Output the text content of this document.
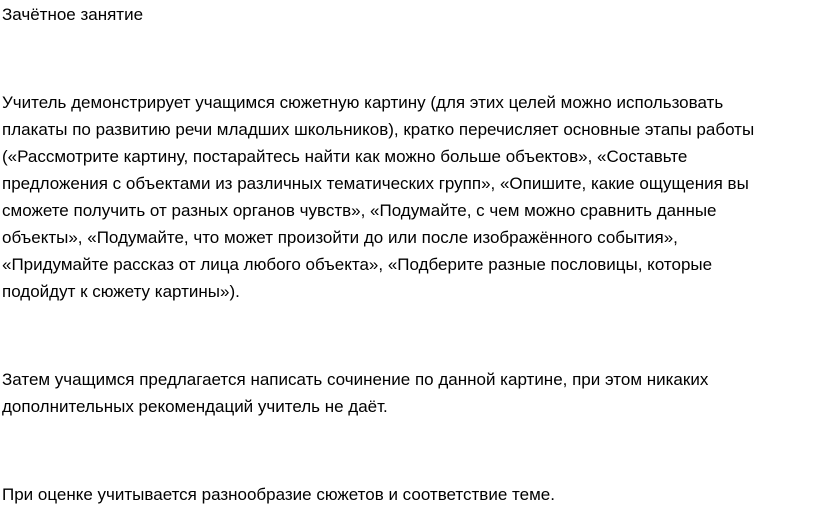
Зачётное занятие

Учитель демонстрирует учащимся сюжетную картину (для этих целей можно использовать

плакаты по развитию речи младших школьников), кратко перечисляет основные этапы работы

(«Рассмотрите картину, постарайтесь найти как можно больше объектов», «Составьте

предложения с объектами из различных тематических групп», «Опишите, какие ощущения вы

сможете получить от разных органов чувств», «Подумайте, с чем можно сравнить данные

объекты», «Подумайте, что может произойти до или после изображённого события»,

«Придумайте рассказ от лица любого объекта», «Подберите разные пословицы, которые

подойдут к сюжету картины»).

Затем учащимся предлагается написать сочинение по данной картине, при этом никаких

дополнительных рекомендаций учитель не даёт.

При оценке учитывается разнообразие сюжетов и соответствие теме.
